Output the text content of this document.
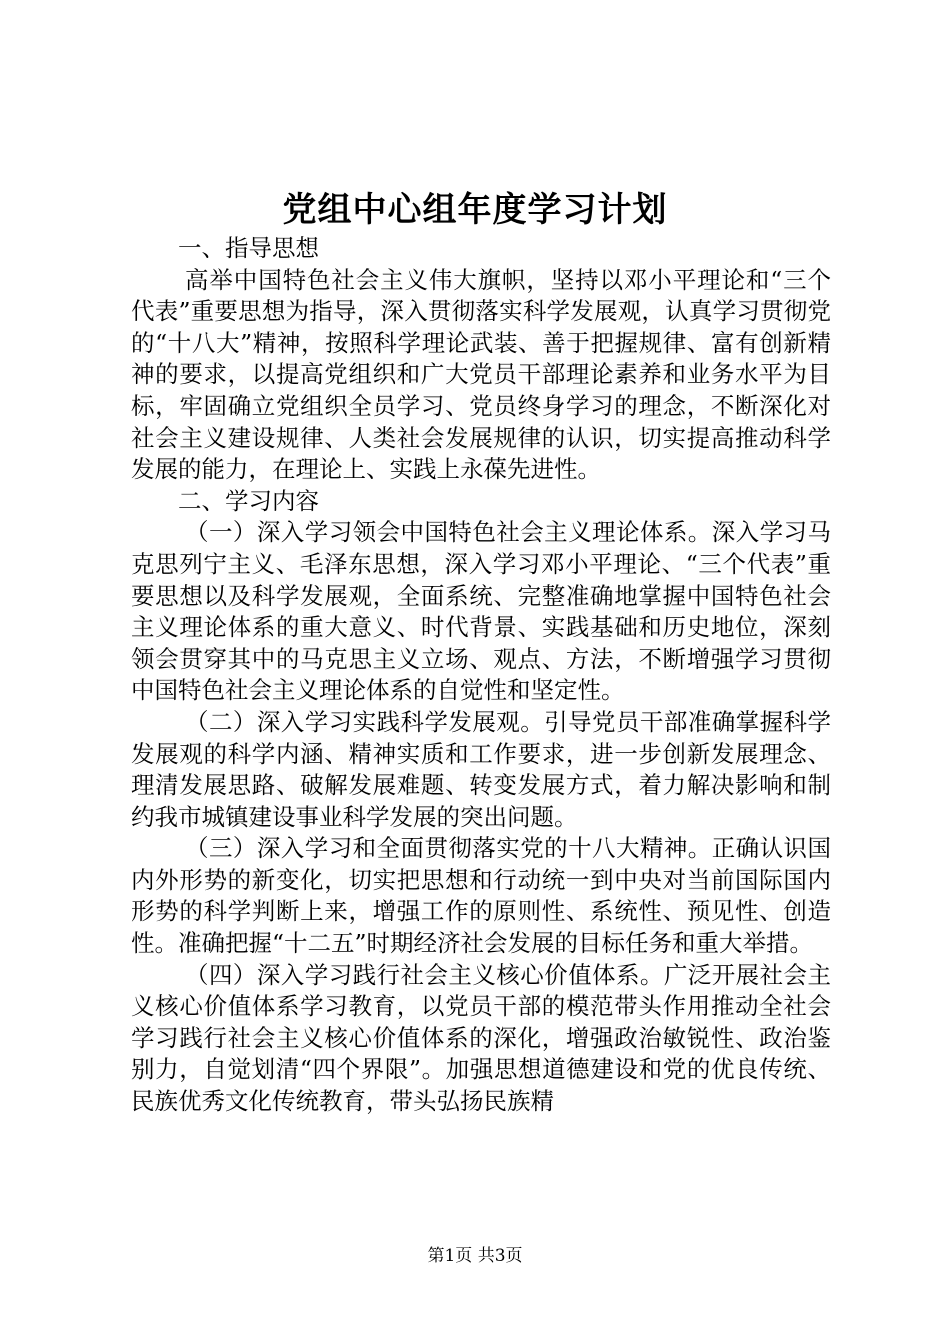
党组中心组年度学习计划

一、指导思想

高举中国特色社会主义伟大旗帜，坚持以邓小平理论和“三个代表”重要思想为指导，深入贯彻落实科学发展观，认真学习贯彻党的“十八大”精神，按照科学理论武装、善于把握规律、富有创新精神的要求，以提高党组织和广大党员干部理论素养和业务水平为目标，牢固确立党组织全员学习、党员终身学习的理念，不断深化对社会主义建设规律、人类社会发展规律的认识，切实提高推动科学发展的能力，在理论上、实践上永葆先进性。

二、学习内容

（一）深入学习领会中国特色社会主义理论体系。深入学习马克思列宁主义、毛泽东思想，深入学习邓小平理论、“三个代表”重要思想以及科学发展观，全面系统、完整准确地掌握中国特色社会主义理论体系的重大意义、时代背景、实践基础和历史地位，深刻领会贯穿其中的马克思主义立场、观点、方法，不断增强学习贯彻中国特色社会主义理论体系的自觉性和坚定性。

（二）深入学习实践科学发展观。引导党员干部准确掌握科学发展观的科学内涵、精神实质和工作要求，进一步创新发展理念、理清发展思路、破解发展难题、转变发展方式，着力解决影响和制约我市城镇建设事业科学发展的突出问题。

（三）深入学习和全面贯彻落实党的十八大精神。正确认识国内外形势的新变化，切实把思想和行动统一到中央对当前国际国内形势的科学判断上来，增强工作的原则性、系统性、预见性、创造性。准确把握“十二五”时期经济社会发展的目标任务和重大举措。

（四）深入学习践行社会主义核心价值体系。广泛开展社会主义核心价值体系学习教育，以党员干部的模范带头作用推动全社会学习践行社会主义核心价值体系的深化，增强政治敏锐性、政治鉴别力，自觉划清“四个界限”。加强思想道德建设和党的优良传统、民族优秀文化传统教育，带头弘扬民族精

第1页 共3页
